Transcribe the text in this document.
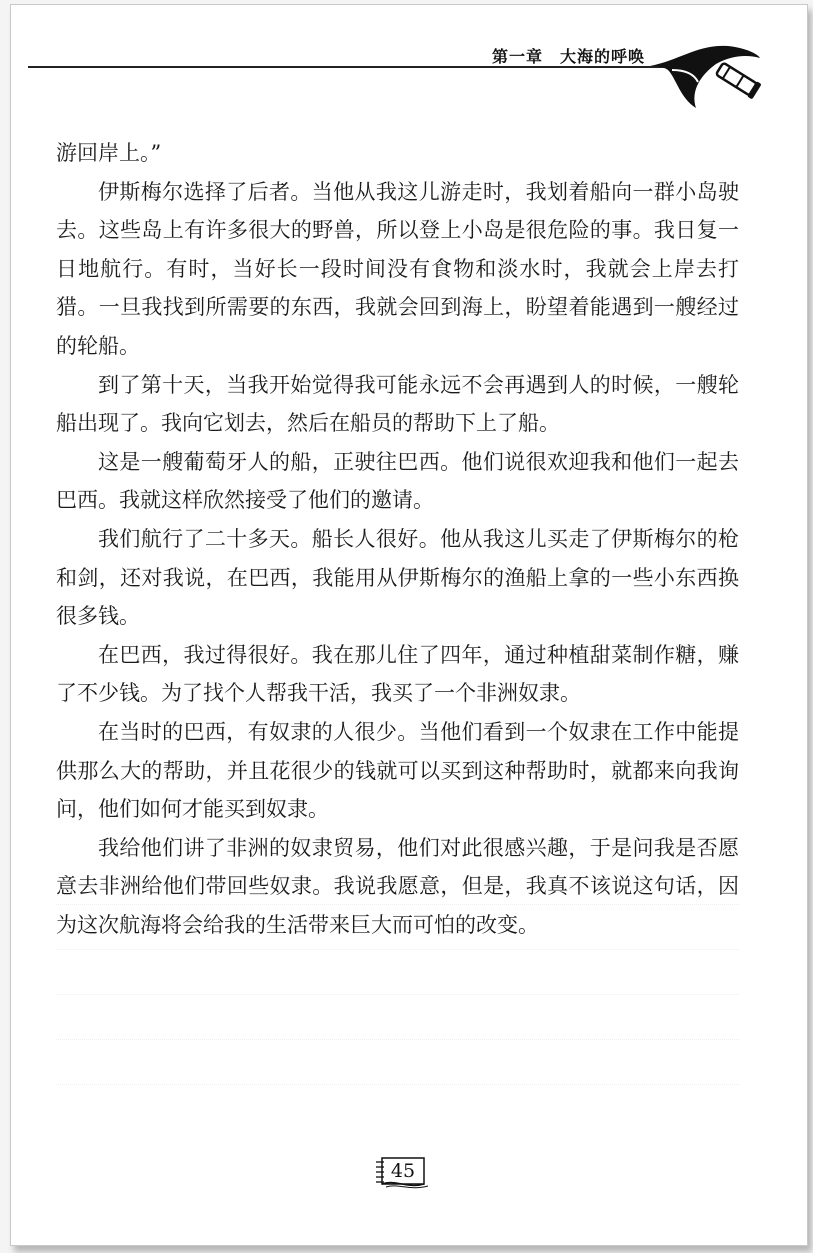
第一章　大海的呼唤

游回岸上。”

伊斯梅尔选择了后者。当他从我这儿游走时，我划着船向一群小岛驶去。这些岛上有许多很大的野兽，所以登上小岛是很危险的事。我日复一日地航行。有时，当好长一段时间没有食物和淡水时，我就会上岸去打猎。一旦我找到所需要的东西，我就会回到海上，盼望着能遇到一艘经过的轮船。

到了第十天，当我开始觉得我可能永远不会再遇到人的时候，一艘轮船出现了。我向它划去，然后在船员的帮助下上了船。

这是一艘葡萄牙人的船，正驶往巴西。他们说很欢迎我和他们一起去巴西。我就这样欣然接受了他们的邀请。

我们航行了二十多天。船长人很好。他从我这儿买走了伊斯梅尔的枪和剑，还对我说，在巴西，我能用从伊斯梅尔的渔船上拿的一些小东西换很多钱。

在巴西，我过得很好。我在那儿住了四年，通过种植甜菜制作糖，赚了不少钱。为了找个人帮我干活，我买了一个非洲奴隶。

在当时的巴西，有奴隶的人很少。当他们看到一个奴隶在工作中能提供那么大的帮助，并且花很少的钱就可以买到这种帮助时，就都来向我询问，他们如何才能买到奴隶。

我给他们讲了非洲的奴隶贸易，他们对此很感兴趣，于是问我是否愿意去非洲给他们带回些奴隶。我说我愿意，但是，我真不该说这句话，因为这次航海将会给我的生活带来巨大而可怕的改变。

45
